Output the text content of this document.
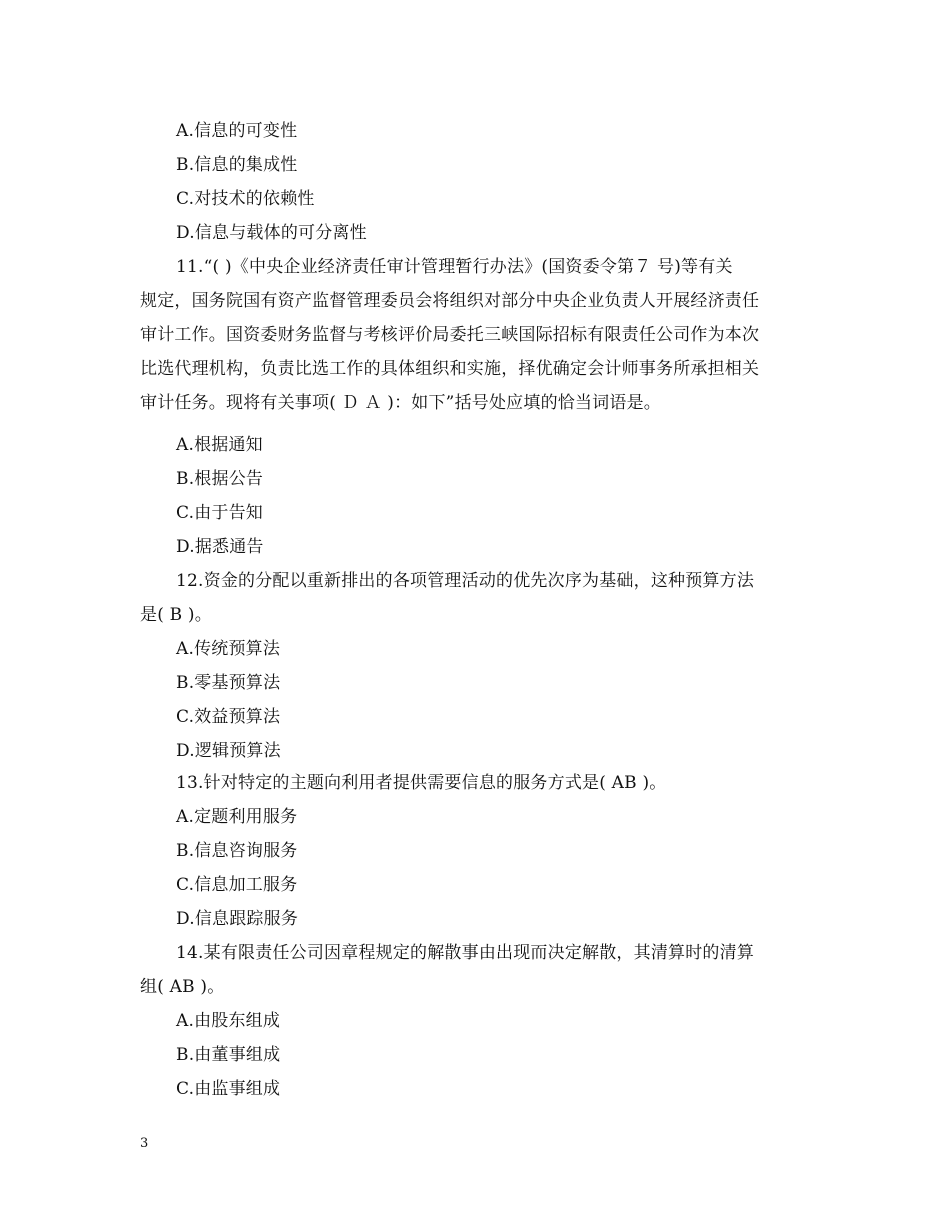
A.信息的可变性
B.信息的集成性
C.对技术的依赖性
D.信息与载体的可分离性
11.“( )《中央企业经济责任审计管理暂行办法》(国资委令第７ 号)等有关
规定，国务院国有资产监督管理委员会将组织对部分中央企业负责人开展经济责任
审计工作。国资委财务监督与考核评价局委托三峡国际招标有限责任公司作为本次
比选代理机构，负责比选工作的具体组织和实施，择优确定会计师事务所承担相关
审计任务。现将有关事项( Ｄ Ａ )：如下”括号处应填的恰当词语是。
A.根据通知
B.根据公告
C.由于告知
D.据悉通告
12.资金的分配以重新排出的各项管理活动的优先次序为基础，这种预算方法
是( B )。
A.传统预算法
B.零基预算法
C.效益预算法
D.逻辑预算法
13.针对特定的主题向利用者提供需要信息的服务方式是( AB )。
A.定题利用服务
B.信息咨询服务
C.信息加工服务
D.信息跟踪服务
14.某有限责任公司因章程规定的解散事由出现而决定解散，其清算时的清算
组( AB )。
A.由股东组成
B.由董事组成
C.由监事组成
3
